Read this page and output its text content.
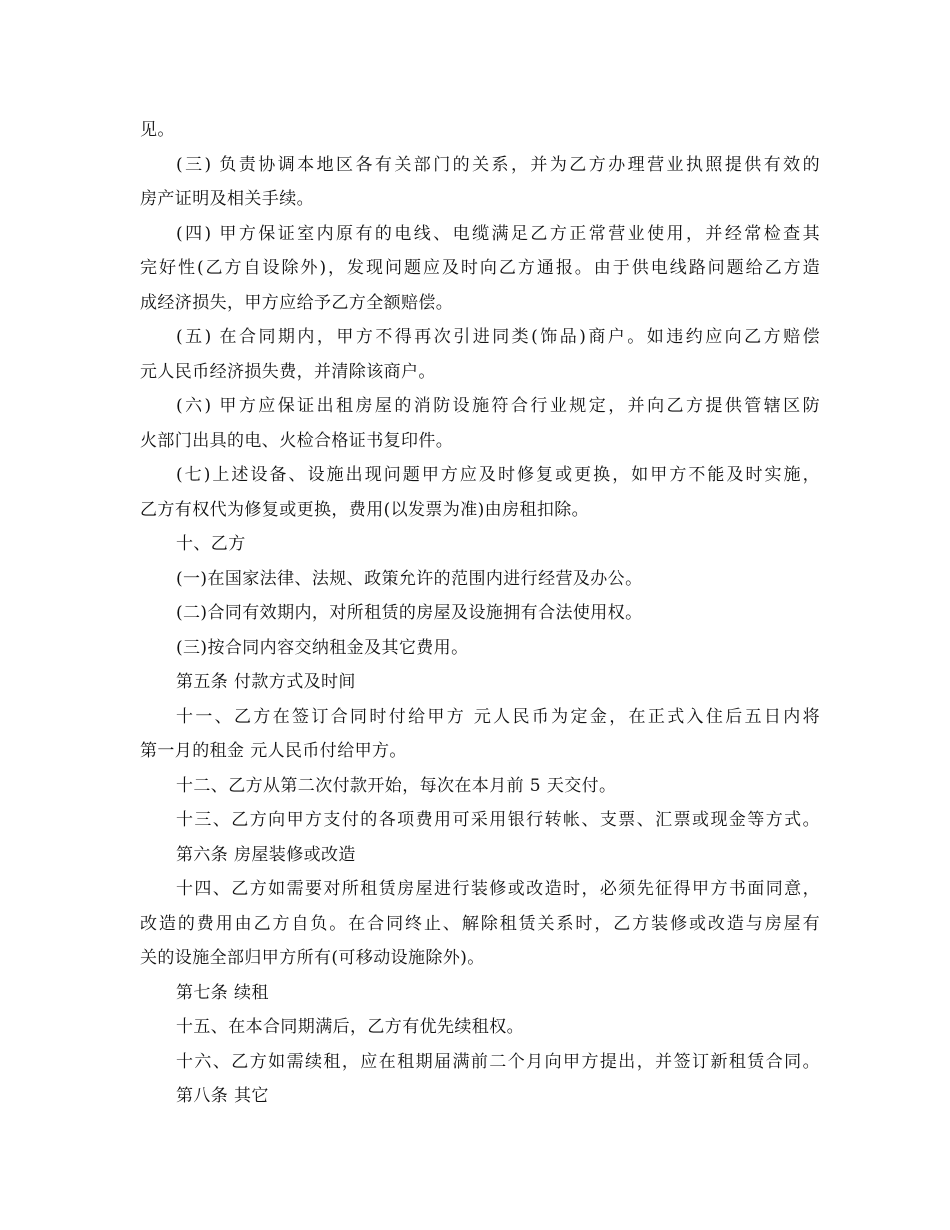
见。
(三) 负责协调本地区各有关部门的关系，并为乙方办理营业执照提供有效的
房产证明及相关手续。
(四) 甲方保证室内原有的电线、电缆满足乙方正常营业使用，并经常检查其
完好性(乙方自设除外)，发现问题应及时向乙方通报。由于供电线路问题给乙方造
成经济损失，甲方应给予乙方全额赔偿。
(五) 在合同期内，甲方不得再次引进同类(饰品)商户。如违约应向乙方赔偿
元人民币经济损失费，并清除该商户。
(六) 甲方应保证出租房屋的消防设施符合行业规定，并向乙方提供管辖区防
火部门出具的电、火检合格证书复印件。
(七)上述设备、设施出现问题甲方应及时修复或更换，如甲方不能及时实施，
乙方有权代为修复或更换，费用(以发票为准)由房租扣除。
十、乙方
(一)在国家法律、法规、政策允许的范围内进行经营及办公。
(二)合同有效期内，对所租赁的房屋及设施拥有合法使用权。
(三)按合同内容交纳租金及其它费用。
第五条 付款方式及时间
十一、乙方在签订合同时付给甲方 元人民币为定金，在正式入住后五日内将
第一月的租金 元人民币付给甲方。
十二、乙方从第二次付款开始，每次在本月前 5 天交付。
十三、乙方向甲方支付的各项费用可采用银行转帐、支票、汇票或现金等方式。
第六条 房屋装修或改造
十四、乙方如需要对所租赁房屋进行装修或改造时，必须先征得甲方书面同意，
改造的费用由乙方自负。在合同终止、解除租赁关系时，乙方装修或改造与房屋有
关的设施全部归甲方所有(可移动设施除外)。
第七条 续租
十五、在本合同期满后，乙方有优先续租权。
十六、乙方如需续租，应在租期届满前二个月向甲方提出，并签订新租赁合同。
第八条 其它
